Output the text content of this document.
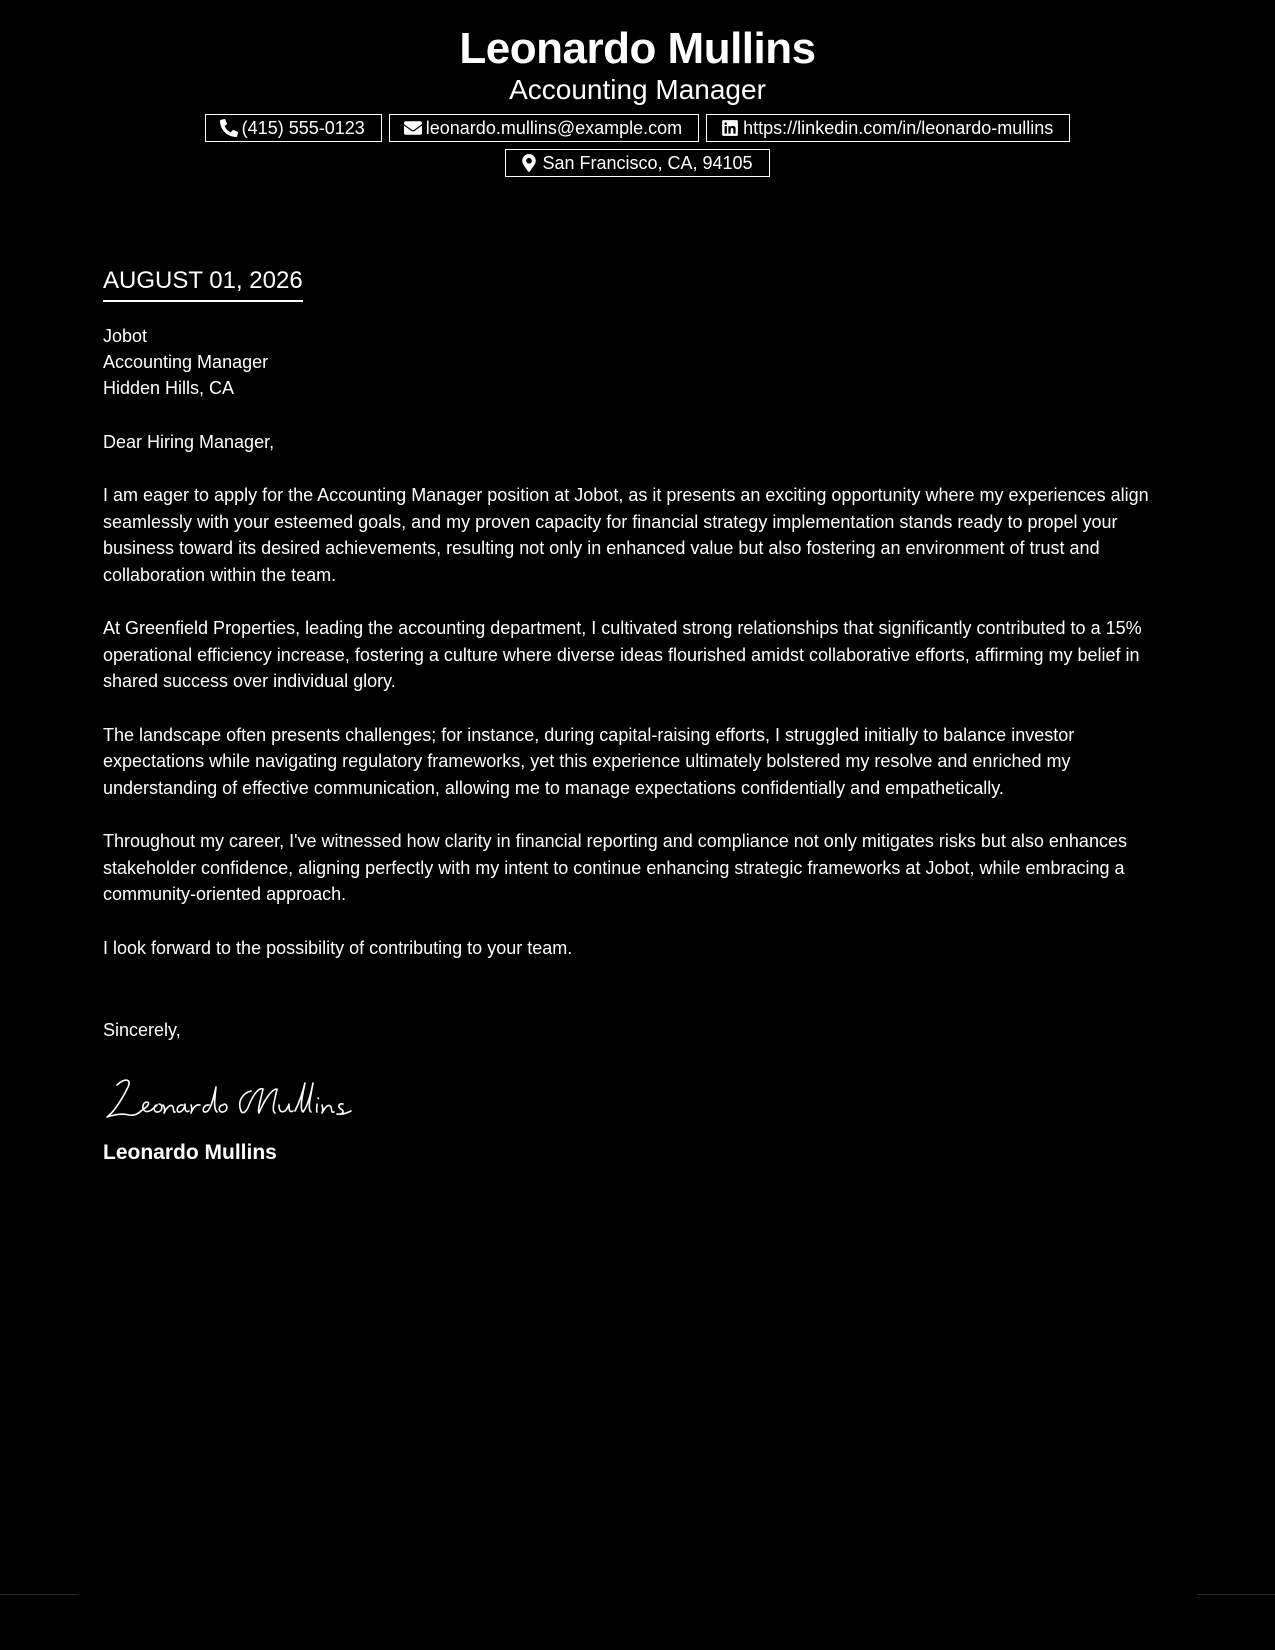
Leonardo Mullins
Accounting Manager
(415) 555-0123	leonardo.mullins@example.com	https://linkedin.com/in/leonardo-mullins
San Francisco, CA, 94105
AUGUST 01, 2026
Jobot
Accounting Manager
Hidden Hills, CA
Dear Hiring Manager,

I am eager to apply for the Accounting Manager position at Jobot, as it presents an exciting opportunity where my experiences align seamlessly with your esteemed goals, and my proven capacity for financial strategy implementation stands ready to propel your business toward its desired achievements, resulting not only in enhanced value but also fostering an environment of trust and collaboration within the team.

At Greenfield Properties, leading the accounting department, I cultivated strong relationships that significantly contributed to a 15% operational efficiency increase, fostering a culture where diverse ideas flourished amidst collaborative efforts, affirming my belief in shared success over individual glory.

The landscape often presents challenges; for instance, during capital-raising efforts, I struggled initially to balance investor expectations while navigating regulatory frameworks, yet this experience ultimately bolstered my resolve and enriched my understanding of effective communication, allowing me to manage expectations confidentially and empathetically.

Throughout my career, I've witnessed how clarity in financial reporting and compliance not only mitigates risks but also enhances stakeholder confidence, aligning perfectly with my intent to continue enhancing strategic frameworks at Jobot, while embracing a community-oriented approach.

I look forward to the possibility of contributing to your team.

Sincerely,
Leonardo Mullins
